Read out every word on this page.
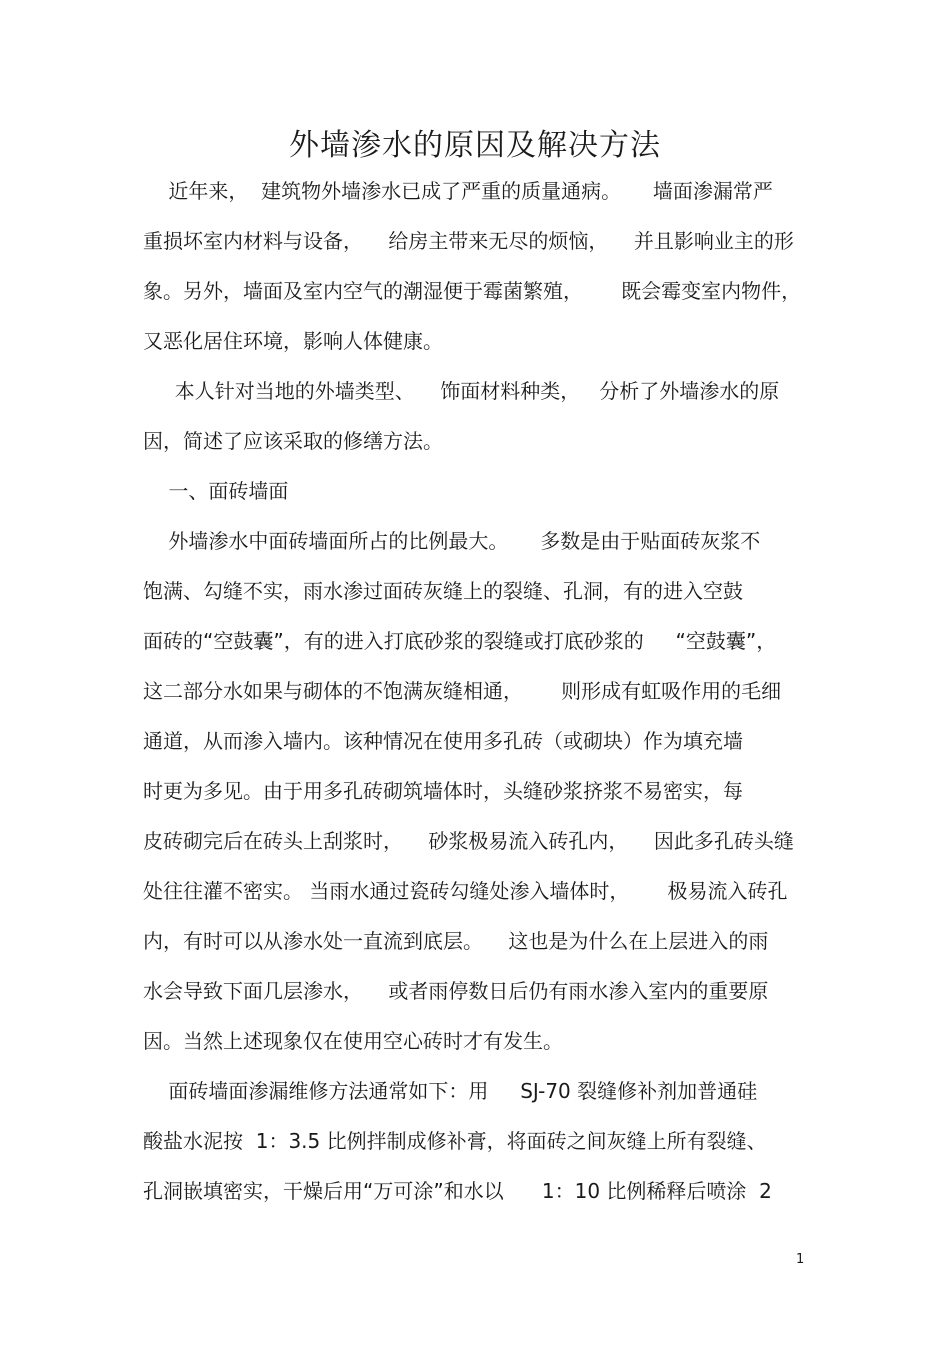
外墙渗水的原因及解决方法
近年来，  建筑物外墙渗水已成了严重的质量通病。     墙面渗漏常严
重损坏室内材料与设备，    给房主带来无尽的烦恼，    并且影响业主的形
象。另外，墙面及室内空气的潮湿便于霉菌繁殖，      既会霉变室内物件，
又恶化居住环境，影响人体健康。
本人针对当地的外墙类型、    饰面材料种类，   分析了外墙渗水的原
因，简述了应该采取的修缮方法。
一、面砖墙面
外墙渗水中面砖墙面所占的比例最大。     多数是由于贴面砖灰浆不
饱满、勾缝不实，雨水渗过面砖灰缝上的裂缝、孔洞，有的进入空鼓
面砖的“空鼓囊”，有的进入打底砂浆的裂缝或打底砂浆的     “空鼓囊”，
这二部分水如果与砌体的不饱满灰缝相通，      则形成有虹吸作用的毛细
通道，从而渗入墙内。该种情况在使用多孔砖（或砌块）作为填充墙
时更为多见。由于用多孔砖砌筑墙体时，头缝砂浆挤浆不易密实，每
皮砖砌完后在砖头上刮浆时，    砂浆极易流入砖孔内，    因此多孔砖头缝
处往往灌不密实。 当雨水通过瓷砖勾缝处渗入墙体时，      极易流入砖孔
内，有时可以从渗水处一直流到底层。    这也是为什么在上层进入的雨
水会导致下面几层渗水，    或者雨停数日后仍有雨水渗入室内的重要原
因。当然上述现象仅在使用空心砖时才有发生。
面砖墙面渗漏维修方法通常如下：用     SJ-70 裂缝修补剂加普通硅
酸盐水泥按  1：3.5 比例拌制成修补膏，将面砖之间灰缝上所有裂缝、
孔洞嵌填密实，干燥后用“万可涂”和水以      1：10 比例稀释后喷涂  2
1
